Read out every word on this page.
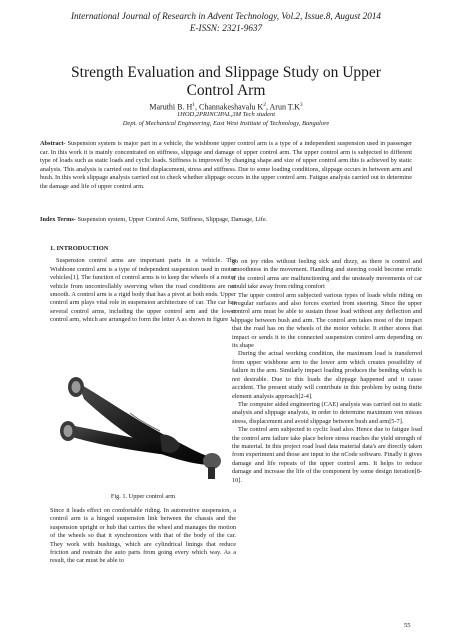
International Journal of Research in Advent Technology, Vol.2, Issue.8, August 2014
E-ISSN: 2321-9637
Strength Evaluation and Slippage Study on Upper
Control Arm
Maruthi B. $H^1$, Channakeshavalu $K^2$, Arun $T.K^3$
1HOD,2PRINCIPAL,3M Tech student
Dept. of Mechanical Engineering, East West Institute of Technology, Bangalore
Abstract- Suspension system is major part in a vehicle, the wishbone upper control arm is a type of a independent suspension used in passenger car. In this work it is mainly concentrated on stiffness, slippage and damage of upper control arm. The upper control arm is subjected to different type of loads such as static loads and cyclic loads. Stiffness is improved by changing shape and size of upper control arm this is achieved by static analysis. This analysis is carried out to find displacement, stress and stiffness. Due to some loading conditions, slippage occurs in between arm and bush. In this work slippage analysis carried out to check whether slippage occurs in the upper control arm. Fatigue analysis carried out to determine the damage and life of upper control arm.
Index Terms- Suspension system, Upper Control Arm, Stiffness, Slippage, Damage, Life.
1. INTRODUCTION

Suspension control arms are important parts in a vehicle. The Wishbone control arm is a type of independent suspension used in motor vehicles[1]. The function of control arms is to keep the wheels of a motor vehicle from uncontrollably swerving when the road conditions are not smooth. A control arm is a rigid body that has a pivot at both ends. Upper control arm plays vital role in suspension architecture of car. The car has several control arms, including the upper control arm and the lower control arm, which are arranged to form the letter A as shown in figure 1..

Fig. 1. Upper control arm

Since it leads effect on comfortable riding. In automotive suspension, a control arm is a hinged suspension link between the chassis and the suspension upright or hub that carries the wheel and manages the motion of the wheels so that it synchronizes with that of the body of the car. They work with bushings, which are cylindrical linings that reduce friction and restrain the auto parts from going every which way. As a result, the car must be able to

go on joy rides without feeling sick and dizzy, as there is control and smoothness in the movement. Handling and steering could become erratic if the control arms are malfunctioning and the unsteady movements of car could take away from riding comfort

The upper control arm subjected various types of loads while riding on irregular surfaces and also forces exerted from steering. Since the upper control arm must be able to sustain those load without any deflection and slippage between bush and arm. The control arm takes most of the impact that the road has on the wheels of the motor vehicle. It either stores that impact or sends it to the connected suspension control arm depending on its shape

During the actual working condition, the maximum load is transferred from upper wishbone arm to the lower arm which creates possibility of failure in the arm. Similarly impact loading produces the bending which is not desirable. Due to this loads the slippage happened and it cause accident. The present study will contribute in this problem by using finite element analysis approach[2-4].

The computer aided engineering (CAE) analysis was carried out to static analysis and slippage analysis, in order to determine maximum von misses stress, displacement and avoid slippage between bush and arm[5-7].

The control arm subjected to cyclic load also. Hence due to fatigue load the control arm failure take place before stress reaches the yield strength of the material. In this project road load data material data's are directly taken from experiment and those are input to the nCode software. Finally it gives damage and life repeats of the upper control arm. It helps to reduce damage and increase the life of the component by some design iteration[8-10].

55
